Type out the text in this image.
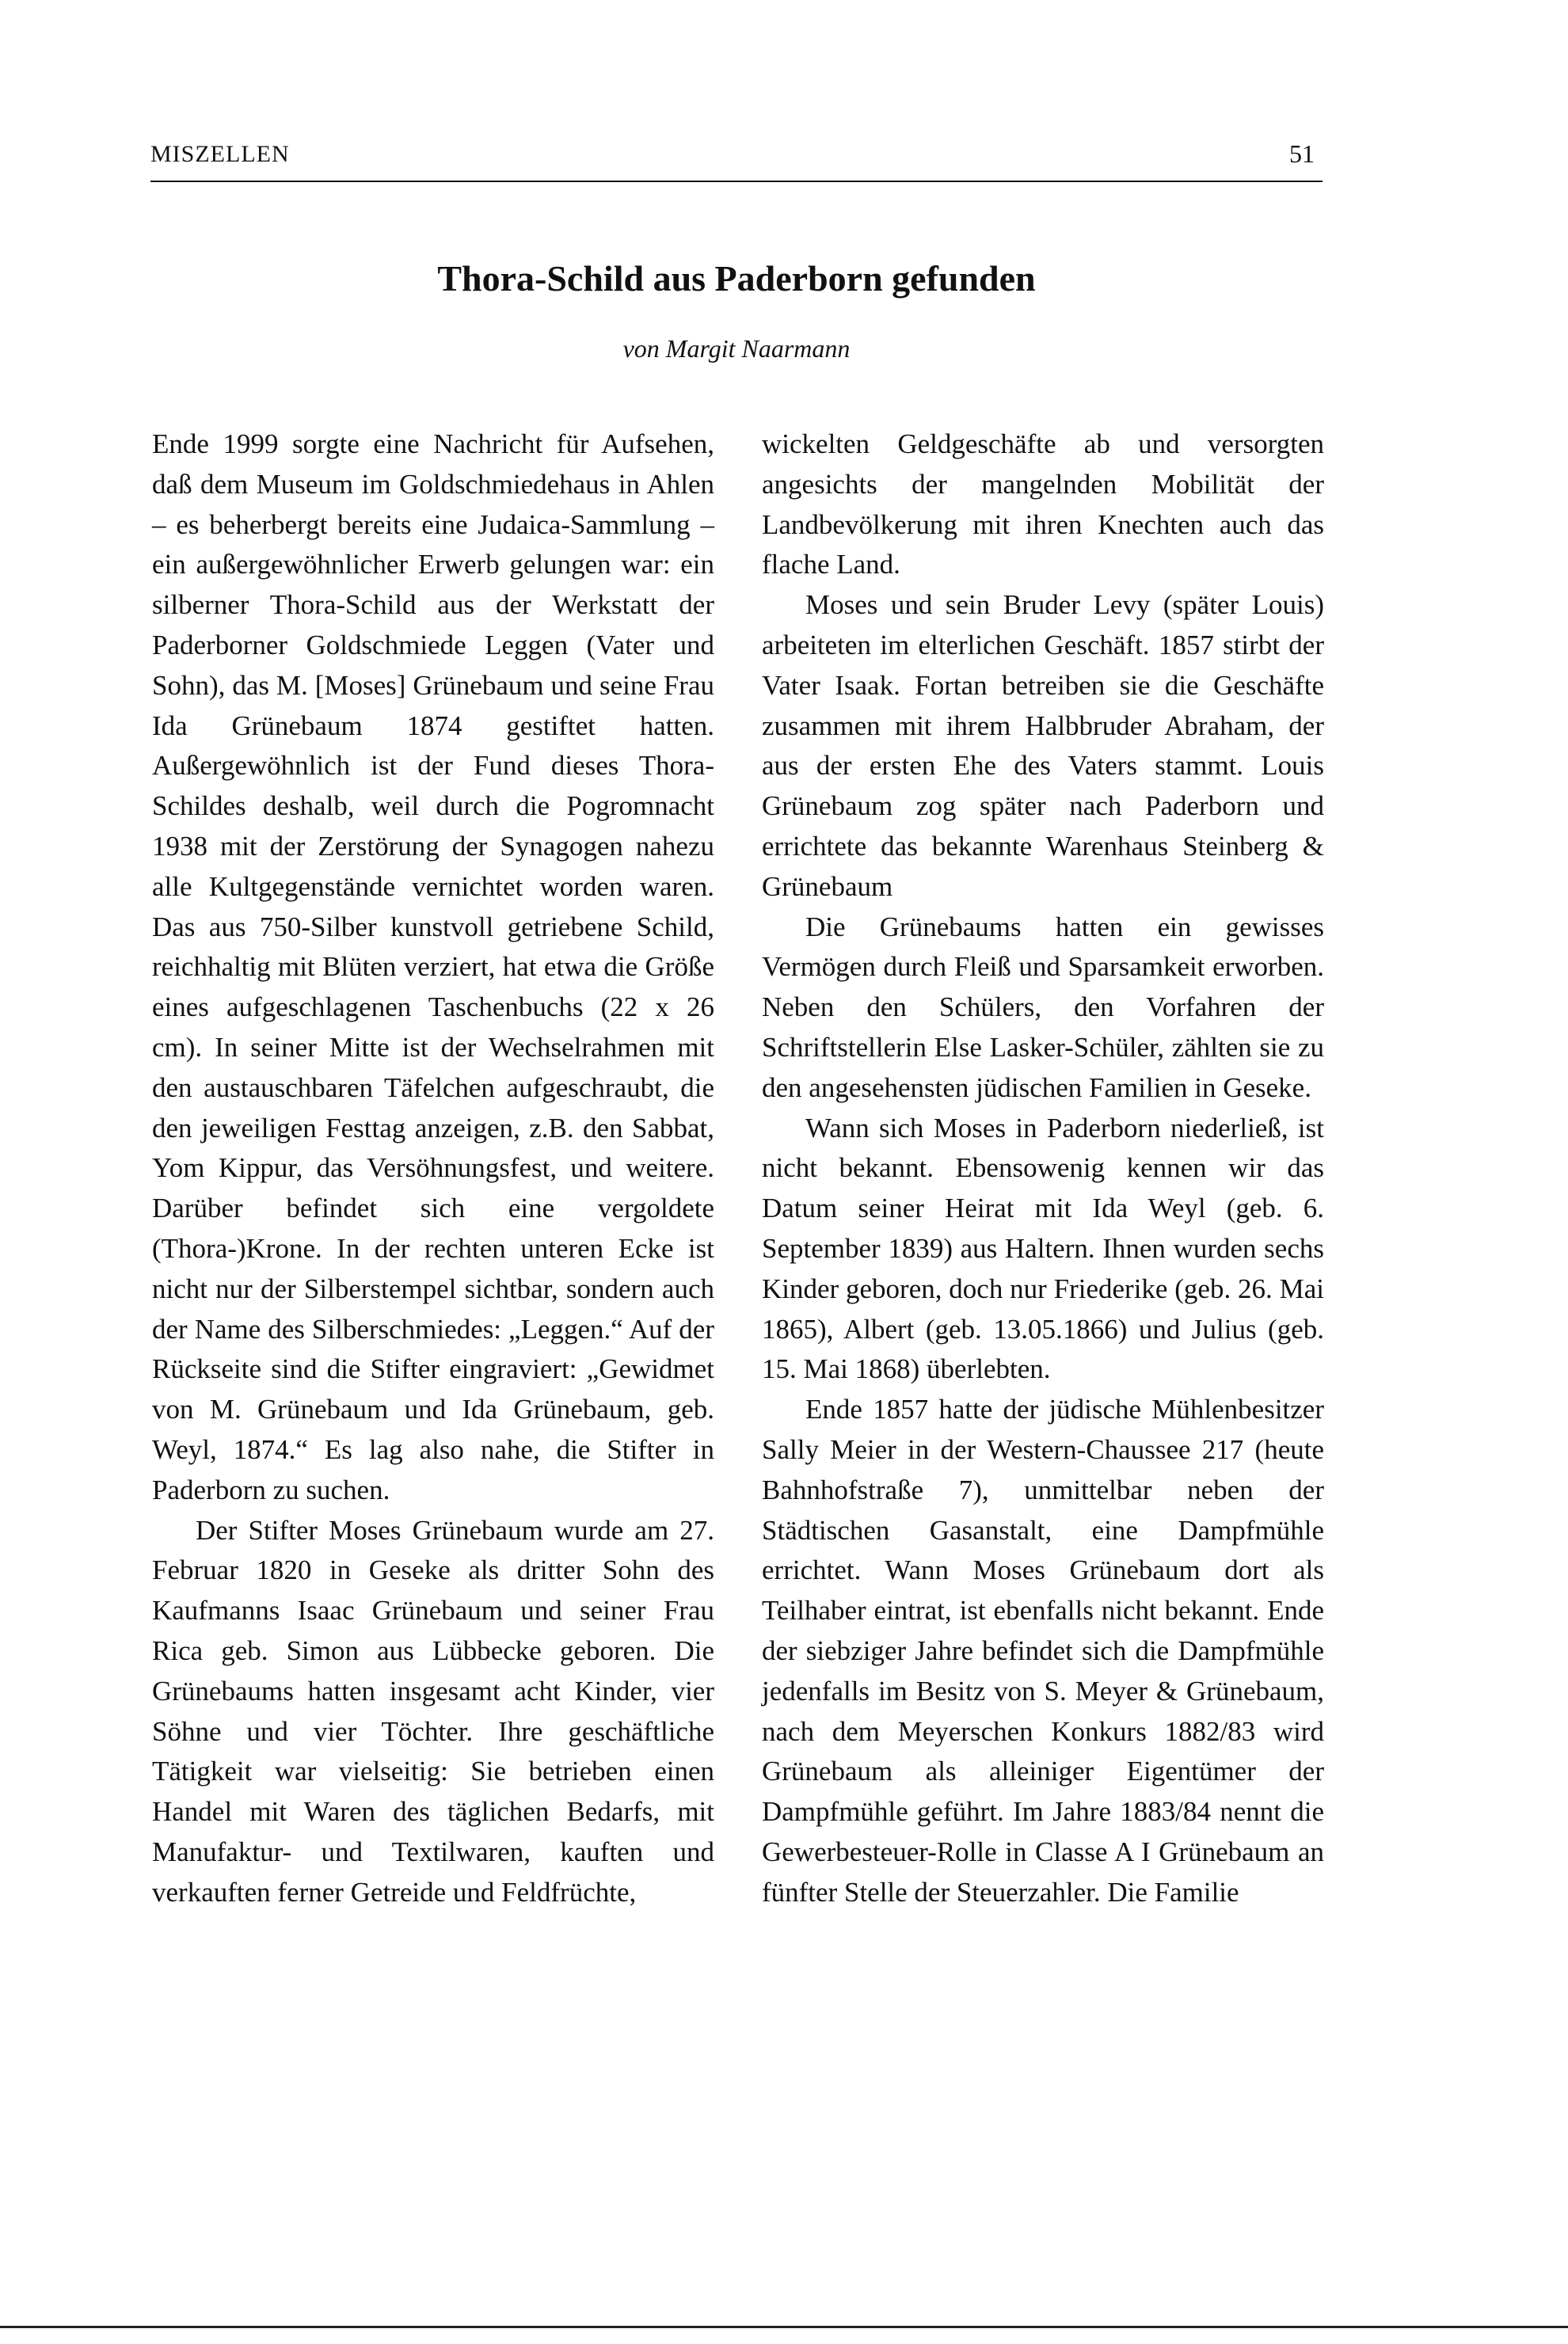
MISZELLEN	51
Thora-Schild aus Paderborn gefunden
von Margit Naarmann

Ende 1999 sorgte eine Nachricht für Aufsehen, daß dem Museum im Goldschmiedehaus in Ahlen – es beherbergt bereits eine Judaica-Sammlung – ein außergewöhnlicher Erwerb gelungen war: ein silberner Thora-Schild aus der Werkstatt der Paderborner Goldschmiede Leggen (Vater und Sohn), das M. [Moses] Grünebaum und seine Frau Ida Grünebaum 1874 gestiftet hatten. Außergewöhnlich ist der Fund dieses Thora-Schildes deshalb, weil durch die Pogromnacht 1938 mit der Zerstörung der Synagogen nahezu alle Kultgegenstände vernichtet worden waren. Das aus 750-Silber kunstvoll getriebene Schild, reichhaltig mit Blüten verziert, hat etwa die Größe eines aufgeschlagenen Taschenbuchs (22 x 26 cm). In seiner Mitte ist der Wechselrahmen mit den austauschbaren Täfelchen aufgeschraubt, die den jeweiligen Festtag anzeigen, z.B. den Sabbat, Yom Kippur, das Versöhnungsfest, und weitere. Darüber befindet sich eine vergoldete (Thora-)Krone. In der rechten unteren Ecke ist nicht nur der Silberstempel sichtbar, sondern auch der Name des Silberschmiedes: „Leggen.“ Auf der Rückseite sind die Stifter eingraviert: „Gewidmet von M. Grünebaum und Ida Grünebaum, geb. Weyl, 1874.“ Es lag also nahe, die Stifter in Paderborn zu suchen.

Der Stifter Moses Grünebaum wurde am 27. Februar 1820 in Geseke als dritter Sohn des Kaufmanns Isaac Grünebaum und seiner Frau Rica geb. Simon aus Lübbecke geboren. Die Grünebaums hatten insgesamt acht Kinder, vier Söhne und vier Töchter. Ihre geschäftliche Tätigkeit war vielseitig: Sie betrieben einen Handel mit Waren des täglichen Bedarfs, mit Manufaktur- und Textilwaren, kauften und verkauften ferner Getreide und Feldfrüchte,

wickelten Geldgeschäfte ab und versorgten angesichts der mangelnden Mobilität der Landbevölkerung mit ihren Knechten auch das flache Land.

Moses und sein Bruder Levy (später Louis) arbeiteten im elterlichen Geschäft. 1857 stirbt der Vater Isaak. Fortan betreiben sie die Geschäfte zusammen mit ihrem Halbbruder Abraham, der aus der ersten Ehe des Vaters stammt. Louis Grünebaum zog später nach Paderborn und errichtete das bekannte Warenhaus Steinberg & Grünebaum

Die Grünebaums hatten ein gewisses Vermögen durch Fleiß und Sparsamkeit erworben. Neben den Schülers, den Vorfahren der Schriftstellerin Else Lasker-Schüler, zählten sie zu den angesehensten jüdischen Familien in Geseke.

Wann sich Moses in Paderborn niederließ, ist nicht bekannt. Ebensowenig kennen wir das Datum seiner Heirat mit Ida Weyl (geb. 6. September 1839) aus Haltern. Ihnen wurden sechs Kinder geboren, doch nur Friederike (geb. 26. Mai 1865), Albert (geb. 13.05.1866) und Julius (geb. 15. Mai 1868) überlebten.

Ende 1857 hatte der jüdische Mühlenbesitzer Sally Meier in der Western-Chaussee 217 (heute Bahnhofstraße 7), unmittelbar neben der Städtischen Gasanstalt, eine Dampfmühle errichtet. Wann Moses Grünebaum dort als Teilhaber eintrat, ist ebenfalls nicht bekannt. Ende der siebziger Jahre befindet sich die Dampfmühle jedenfalls im Besitz von S. Meyer & Grünebaum, nach dem Meyerschen Konkurs 1882/83 wird Grünebaum als alleiniger Eigentümer der Dampfmühle geführt. Im Jahre 1883/84 nennt die Gewerbesteuer-Rolle in Classe A I Grünebaum an fünfter Stelle der Steuerzahler. Die Familie
